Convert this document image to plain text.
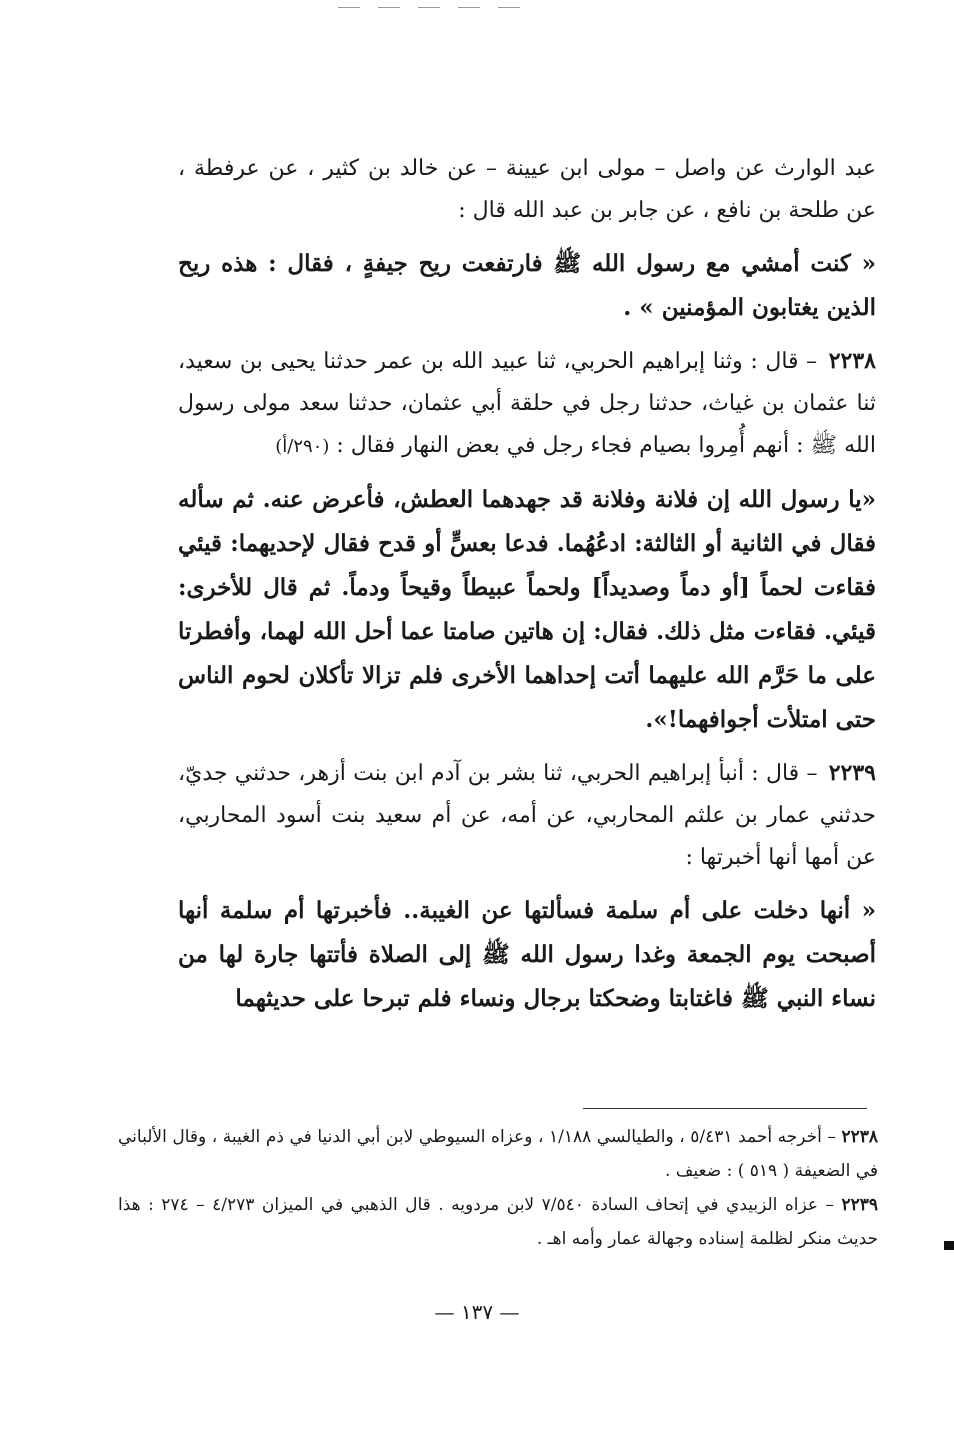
عبد الوارث عن واصل – مولى ابن عيينة – عن خالد بن كثير ، عن عرفطة ، عن طلحة بن نافع ، عن جابر بن عبد الله قال :

« كنت أمشي مع رسول الله ﷺ فارتفعت ريح جيفةٍ ، فقال : هذه ريح الذين يغتابون المؤمنين » .

٢٢٣٨ – قال : وثنا إبراهيم الحربي، ثنا عبيد الله بن عمر حدثنا يحيى بن سعيد، ثنا عثمان بن غياث، حدثنا رجل في حلقة أبي عثمان، حدثنا سعد مولى رسول الله ﷺ : أنهم أُمِروا بصيام فجاء رجل في بعض النهار فقال : (٢٩٠/أ)

«يا رسول الله إن فلانة وفلانة قد جهدهما العطش، فأعرض عنه. ثم سأله فقال في الثانية أو الثالثة: ادعُهُما. فدعا بعسٍّ أو قدح فقال لإحديهما: قيئي فقاءت لحماً [أو دماً وصديداً] ولحماً عبيطاً وقيحاً ودماً. ثم قال للأخرى: قيئي. فقاءت مثل ذلك. فقال: إن هاتين صامتا عما أحل الله لهما، وأفطرتا على ما حَرَّم الله عليهما أتت إحداهما الأخرى فلم تزالا تأكلان لحوم الناس حتى امتلأت أجوافهما!».

٢٢٣٩ – قال : أنبأ إبراهيم الحربي، ثنا بشر بن آدم ابن بنت أزهر، حدثني جديّ، حدثني عمار بن علثم المحاربي، عن أمه، عن أم سعيد بنت أسود المحاربي، عن أمها أنها أخبرتها :

« أنها دخلت على أم سلمة فسألتها عن الغيبة.. فأخبرتها أم سلمة أنها أصبحت يوم الجمعة وغدا رسول الله ﷺ إلى الصلاة فأتتها جارة لها من نساء النبي ﷺ فاغتابتا وضحكتا برجال ونساء فلم تبرحا على حديثهما

٢٢٣٨ – أخرجه أحمد ٥/٤٣١ ، والطيالسي ١/١٨٨ ، وعزاه السيوطي لابن أبي الدنيا في ذم الغيبة ، وقال الألباني في الضعيفة ( ٥١٩ ) : ضعيف .

٢٢٣٩ – عزاه الزبيدي في إتحاف السادة ٧/٥٤٠ لابن مردويه . قال الذهبي في الميزان ٤/٢٧٣ – ٢٧٤ : هذا حديث منكر لظلمة إسناده وجهالة عمار وأمه اهـ .

— ١٣٧ —
